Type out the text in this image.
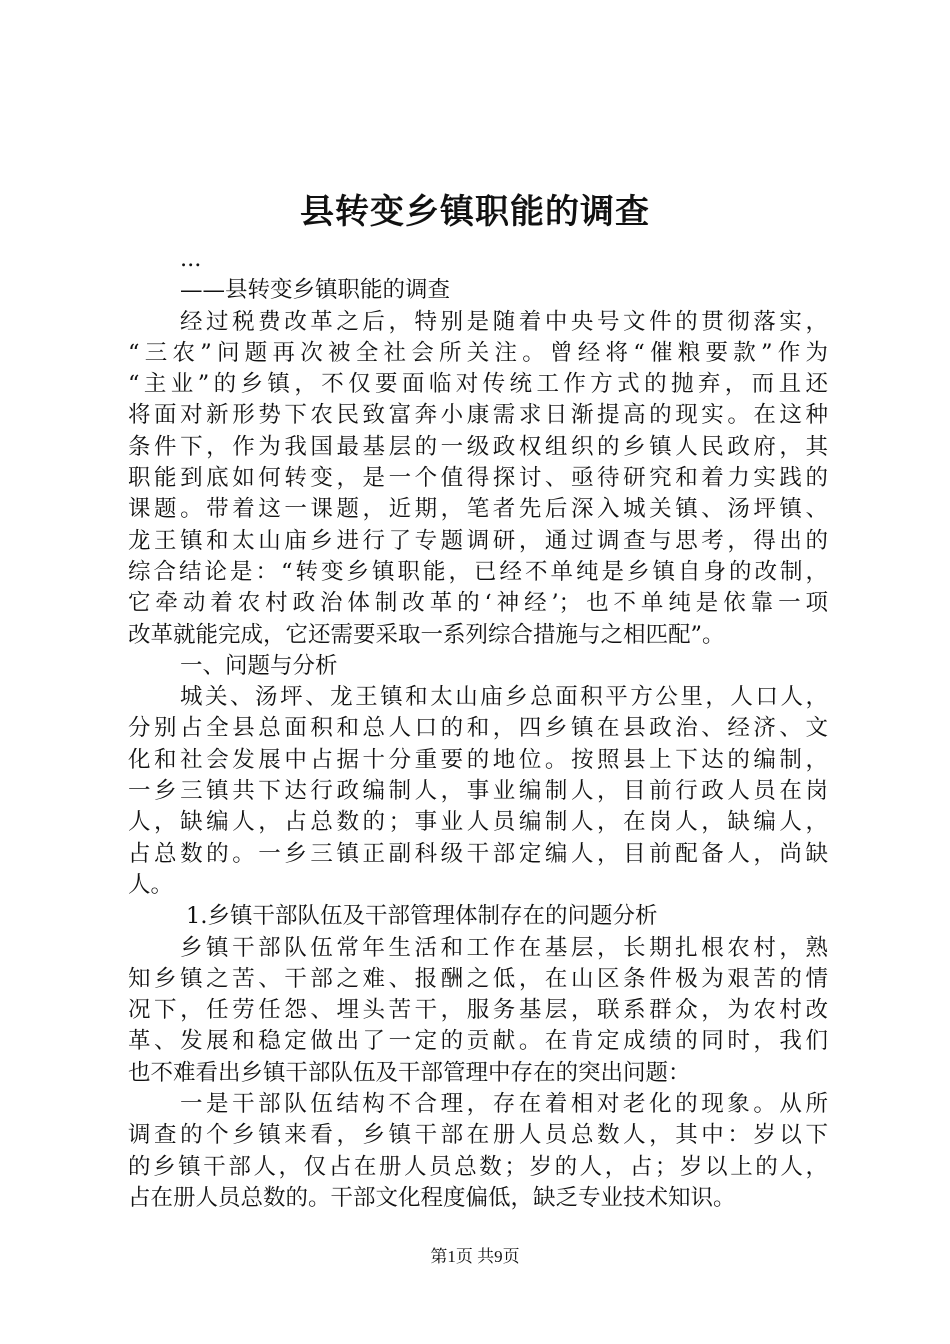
县转变乡镇职能的调查
...
——县转变乡镇职能的调查
经过税费改革之后，特别是随着中央号文件的贯彻落实，
“三农”问题再次被全社会所关注。曾经将“催粮要款”作为
“主业”的乡镇，不仅要面临对传统工作方式的抛弃，而且还
将面对新形势下农民致富奔小康需求日渐提高的现实。在这种
条件下，作为我国最基层的一级政权组织的乡镇人民政府，其
职能到底如何转变，是一个值得探讨、亟待研究和着力实践的
课题。带着这一课题，近期，笔者先后深入城关镇、汤坪镇、
龙王镇和太山庙乡进行了专题调研，通过调查与思考，得出的
综合结论是：“转变乡镇职能，已经不单纯是乡镇自身的改制，
它牵动着农村政治体制改革的‘神经’；也不单纯是依靠一项
改革就能完成，它还需要采取一系列综合措施与之相匹配”。
一、问题与分析
城关、汤坪、龙王镇和太山庙乡总面积平方公里，人口人，
分别占全县总面积和总人口的和，四乡镇在县政治、经济、文
化和社会发展中占据十分重要的地位。按照县上下达的编制，
一乡三镇共下达行政编制人，事业编制人，目前行政人员在岗
人，缺编人，占总数的；事业人员编制人，在岗人，缺编人，
占总数的。一乡三镇正副科级干部定编人，目前配备人，尚缺
人。
1.乡镇干部队伍及干部管理体制存在的问题分析
乡镇干部队伍常年生活和工作在基层，长期扎根农村，熟
知乡镇之苦、干部之难、报酬之低，在山区条件极为艰苦的情
况下，任劳任怨、埋头苦干，服务基层，联系群众，为农村改
革、发展和稳定做出了一定的贡献。在肯定成绩的同时，我们
也不难看出乡镇干部队伍及干部管理中存在的突出问题：
一是干部队伍结构不合理，存在着相对老化的现象。从所
调查的个乡镇来看，乡镇干部在册人员总数人，其中：岁以下
的乡镇干部人，仅占在册人员总数；岁的人，占；岁以上的人，
占在册人员总数的。干部文化程度偏低，缺乏专业技术知识。
第1页 共9页
